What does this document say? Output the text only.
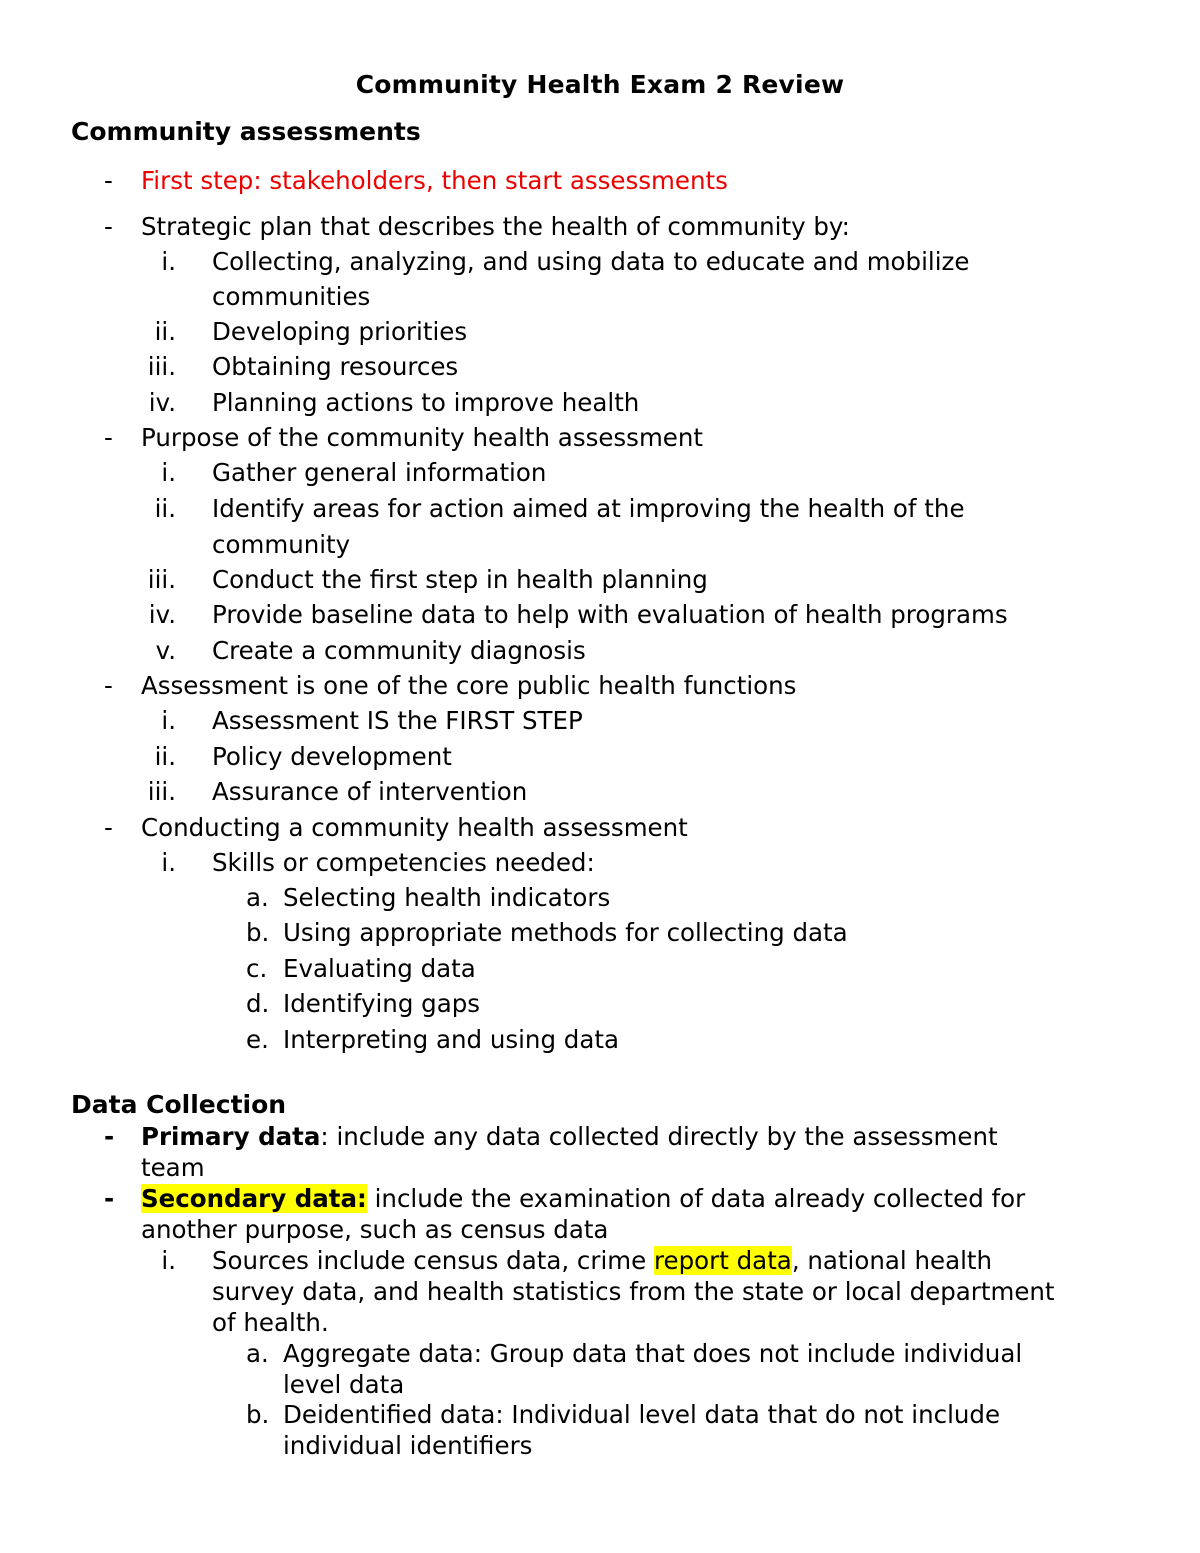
Community Health Exam 2 Review
Community assessments
- First step: stakeholders, then start assessments
- Strategic plan that describes the health of community by:
i. Collecting, analyzing, and using data to educate and mobilize
communities
ii. Developing priorities
iii. Obtaining resources
iv. Planning actions to improve health
- Purpose of the community health assessment
i. Gather general information
ii. Identify areas for action aimed at improving the health of the
community
iii. Conduct the first step in health planning
iv. Provide baseline data to help with evaluation of health programs
v. Create a community diagnosis
- Assessment is one of the core public health functions
i. Assessment IS the FIRST STEP
ii. Policy development
iii. Assurance of intervention
- Conducting a community health assessment
i. Skills or competencies needed:
a. Selecting health indicators
b. Using appropriate methods for collecting data
c. Evaluating data
d. Identifying gaps
e. Interpreting and using data
Data Collection
- Primary data: include any data collected directly by the assessment
team
- Secondary data: include the examination of data already collected for
another purpose, such as census data
i. Sources include census data, crime report data, national health
survey data, and health statistics from the state or local department
of health.
a. Aggregate data: Group data that does not include individual
level data
b. Deidentified data: Individual level data that do not include
individual identifiers
